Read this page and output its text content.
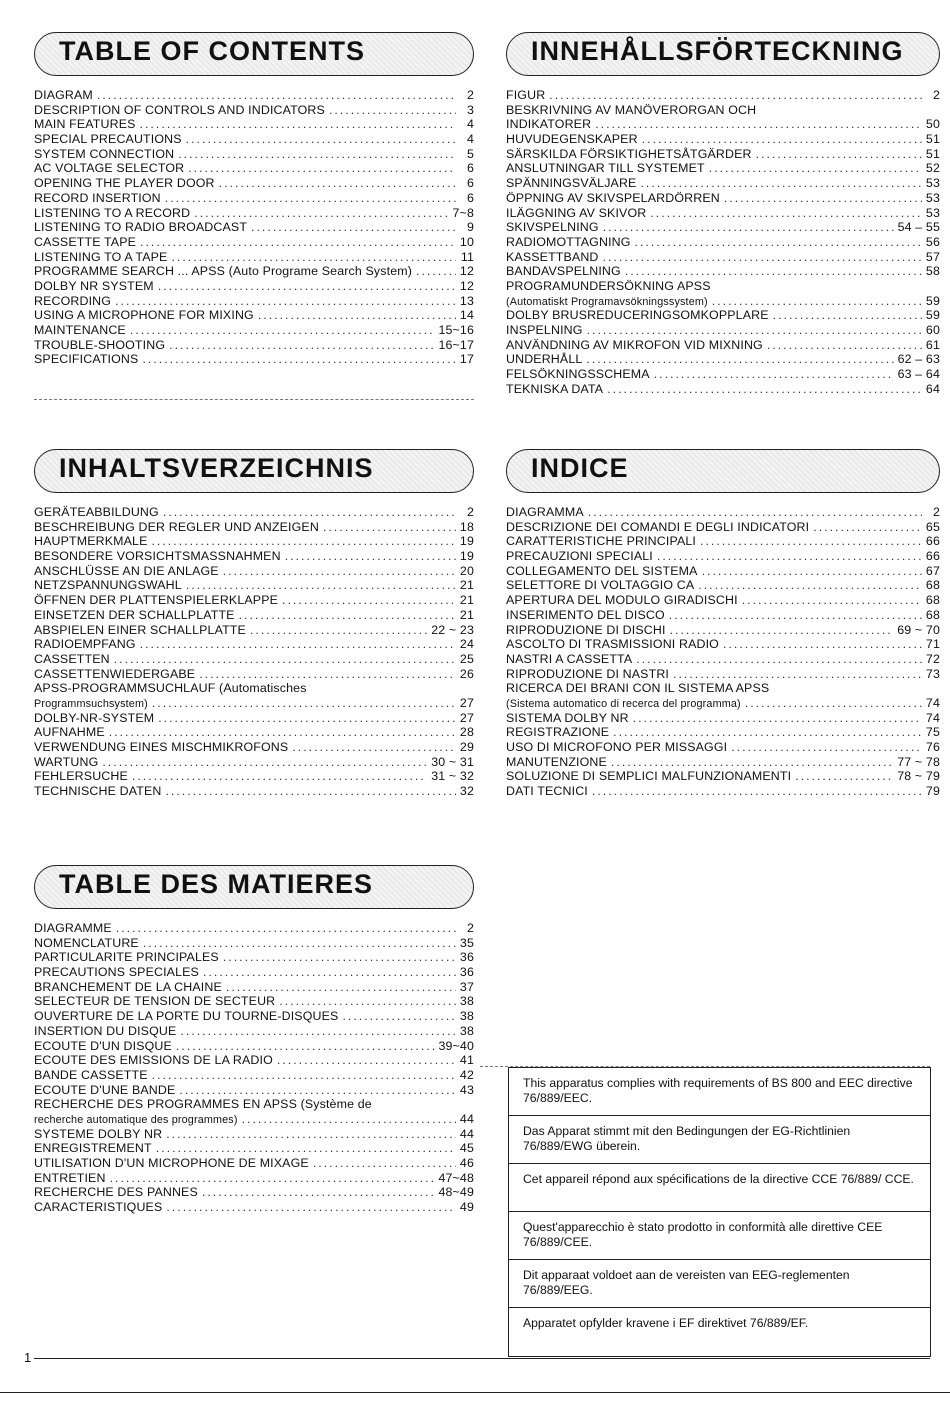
TABLE OF CONTENTS
DIAGRAM .....	2
DESCRIPTION OF CONTROLS AND INDICATORS .....	3
MAIN FEATURES .....	4
SPECIAL PRECAUTIONS .....	4
SYSTEM CONNECTION .....	5
AC VOLTAGE SELECTOR .....	6
OPENING THE PLAYER DOOR .....	6
RECORD INSERTION .....	6
LISTENING TO A RECORD .....	7~8
LISTENING TO RADIO BROADCAST .....	9
CASSETTE TAPE .....	10
LISTENING TO A TAPE .....	11
PROGRAMME SEARCH ... APSS (Auto Programe Search System) .....	12
DOLBY NR SYSTEM .....	12
RECORDING .....	13
USING A MICROPHONE FOR MIXING .....	14
MAINTENANCE .....	15~16
TROUBLE-SHOOTING .....	16~17
SPECIFICATIONS .....	17
INNEHÅLLSFÖRTECKNING
FIGUR .....	2
BESKRIVNING AV MANÖVERORGAN OCH
INDIKATORER .....	50
HUVUDEGENSKAPER .....	51
SÄRSKILDA FÖRSIKTIGHETSÅTGÄRDER .....	51
ANSLUTNINGAR TILL SYSTEMET .....	52
SPÄNNINGSVÄLJARE .....	53
ÖPPNING AV SKIVSPELARDÖRREN .....	53
ILÄGGNING AV SKIVOR .....	53
SKIVSPELNING .....	54 – 55
RADIOMOTTAGNING .....	56
KASSETTBAND .....	57
BANDAVSPELNING .....	58
PROGRAMUNDERSÖKNING APSS
(Automatiskt Programavsökningssystem) .....	59
DOLBY BRUSREDUCERINGSOMKOPPLARE .....	59
INSPELNING .....	60
ANVÄNDNING AV MIKROFON VID MIXNING .....	61
UNDERHÅLL .....	62 – 63
FELSÖKNINGSSCHEMA .....	63 – 64
TEKNISKA DATA .....	64
INHALTSVERZEICHNIS
GERÄTEABBILDUNG .....	2
BESCHREIBUNG DER REGLER UND ANZEIGEN .....	18
HAUPTMERKMALE .....	19
BESONDERE VORSICHTSMASSNAHMEN .....	19
ANSCHLÜSSE AN DIE ANLAGE .....	20
NETZSPANNUNGSWAHL .....	21
ÖFFNEN DER PLATTENSPIELERKLAPPE .....	21
EINSETZEN DER SCHALLPLATTE .....	21
ABSPIELEN EINER SCHALLPLATTE .....	22 ~ 23
RADIOEMPFANG .....	24
CASSETTEN .....	25
CASSETTENWIEDERGABE .....	26
APSS-PROGRAMMSUCHLAUF (Automatisches
Programmsuchsystem) .....	27
DOLBY-NR-SYSTEM .....	27
AUFNAHME .....	28
VERWENDUNG EINES MISCHMIKROFONS .....	29
WARTUNG .....	30 ~ 31
FEHLERSUCHE .....	31 ~ 32
TECHNISCHE DATEN .....	32
INDICE
DIAGRAMMA .....	2
DESCRIZIONE DEI COMANDI E DEGLI INDICATORI .....	65
CARATTERISTICHE PRINCIPALI .....	66
PRECAUZIONI SPECIALI .....	66
COLLEGAMENTO DEL SISTEMA .....	67
SELETTORE DI VOLTAGGIO CA .....	68
APERTURA DEL MODULO GIRADISCHI .....	68
INSERIMENTO DEL DISCO .....	68
RIPRODUZIONE DI DISCHI .....	69 ~ 70
ASCOLTO DI TRASMISSIONI RADIO .....	71
NASTRI A CASSETTA .....	72
RIPRODUZIONE DI NASTRI .....	73
RICERCA DEI BRANI CON IL SISTEMA APSS
(Sistema automatico di recerca del programma) .....	74
SISTEMA DOLBY NR .....	74
REGISTRAZIONE .....	75
USO DI MICROFONO PER MISSAGGI .....	76
MANUTENZIONE .....	77 ~ 78
SOLUZIONE DI SEMPLICI MALFUNZIONAMENTI .....	78 ~ 79
DATI TECNICI .....	79
TABLE DES MATIERES
DIAGRAMME .....	2
NOMENCLATURE .....	35
PARTICULARITE PRINCIPALES .....	36
PRECAUTIONS SPECIALES .....	36
BRANCHEMENT DE LA CHAINE .....	37
SELECTEUR DE TENSION DE SECTEUR .....	38
OUVERTURE DE LA PORTE DU TOURNE-DISQUES .....	38
INSERTION DU DISQUE .....	38
ECOUTE D'UN DISQUE .....	39~40
ECOUTE DES EMISSIONS DE LA RADIO .....	41
BANDE CASSETTE .....	42
ECOUTE D'UNE BANDE .....	43
RECHERCHE DES PROGRAMMES EN APSS (Système de
recherche automatique des programmes) .....	44
SYSTEME DOLBY NR .....	44
ENREGISTREMENT .....	45
UTILISATION D'UN MICROPHONE DE MIXAGE .....	46
ENTRETIEN .....	47~48
RECHERCHE DES PANNES .....	48~49
CARACTERISTIQUES .....	49
This apparatus complies with requirements of BS 800 and EEC directive 76/889/EEC.
Das Apparat stimmt mit den Bedingungen der EG-Richtlinien 76/889/EWG überein.
Cet appareil répond aux spécifications de la directive CCE 76/889/ CCE.
Quest'apparecchio è stato prodotto in conformità alle direttive CEE 76/889/CEE.
Dit apparaat voldoet aan de vereisten van EEG-reglementen 76/889/EEG.
Apparatet opfylder kravene i EF direktivet 76/889/EF.
1
